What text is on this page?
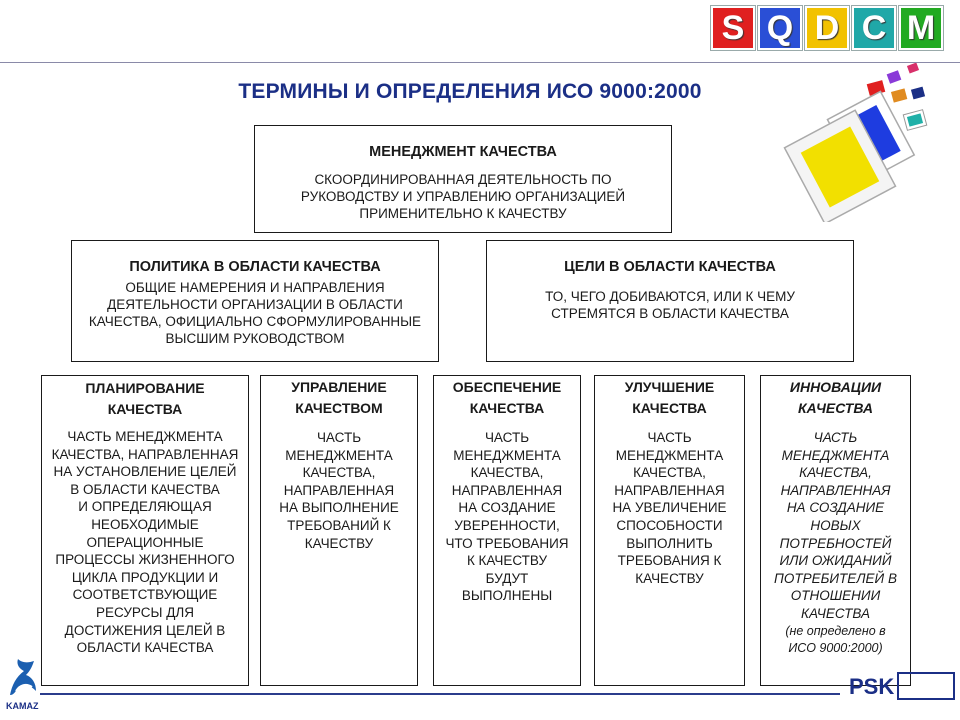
S Q D C M
ТЕРМИНЫ И ОПРЕДЕЛЕНИЯ ИСО 9000:2000
МЕНЕДЖМЕНТ КАЧЕСТВА
СКООРДИНИРОВАННАЯ ДЕЯТЕЛЬНОСТЬ ПО
РУКОВОДСТВУ И УПРАВЛЕНИЮ ОРГАНИЗАЦИЕЙ
ПРИМЕНИТЕЛЬНО К КАЧЕСТВУ
ПОЛИТИКА В ОБЛАСТИ КАЧЕСТВА
ОБЩИЕ НАМЕРЕНИЯ И НАПРАВЛЕНИЯ
ДЕЯТЕЛЬНОСТИ ОРГАНИЗАЦИИ В ОБЛАСТИ
КАЧЕСТВА, ОФИЦИАЛЬНО СФОРМУЛИРОВАННЫЕ
ВЫСШИМ РУКОВОДСТВОМ
ЦЕЛИ В ОБЛАСТИ КАЧЕСТВА
ТО, ЧЕГО ДОБИВАЮТСЯ, ИЛИ К ЧЕМУ
СТРЕМЯТСЯ В ОБЛАСТИ КАЧЕСТВА
ПЛАНИРОВАНИЕ
КАЧЕСТВА
ЧАСТЬ МЕНЕДЖМЕНТА
КАЧЕСТВА, НАПРАВЛЕННАЯ
НА УСТАНОВЛЕНИЕ ЦЕЛЕЙ
В ОБЛАСТИ КАЧЕСТВА
И ОПРЕДЕЛЯЮЩАЯ
НЕОБХОДИМЫЕ
ОПЕРАЦИОННЫЕ
ПРОЦЕССЫ ЖИЗНЕННОГО
ЦИКЛА ПРОДУКЦИИ И
СООТВЕТСТВУЮЩИЕ
РЕСУРСЫ ДЛЯ
ДОСТИЖЕНИЯ ЦЕЛЕЙ В
ОБЛАСТИ КАЧЕСТВА
УПРАВЛЕНИЕ
КАЧЕСТВОМ
ЧАСТЬ
МЕНЕДЖМЕНТА
КАЧЕСТВА,
НАПРАВЛЕННАЯ
НА ВЫПОЛНЕНИЕ
ТРЕБОВАНИЙ К
КАЧЕСТВУ
ОБЕСПЕЧЕНИЕ
КАЧЕСТВА
ЧАСТЬ
МЕНЕДЖМЕНТА
КАЧЕСТВА,
НАПРАВЛЕННАЯ
НА СОЗДАНИЕ
УВЕРЕННОСТИ,
ЧТО ТРЕБОВАНИЯ
К КАЧЕСТВУ
БУДУТ
ВЫПОЛНЕНЫ
УЛУЧШЕНИЕ
КАЧЕСТВА
ЧАСТЬ
МЕНЕДЖМЕНТА
КАЧЕСТВА,
НАПРАВЛЕННАЯ
НА УВЕЛИЧЕНИЕ
СПОСОБНОСТИ
ВЫПОЛНИТЬ
ТРЕБОВАНИЯ К
КАЧЕСТВУ
ИННОВАЦИИ
КАЧЕСТВА
ЧАСТЬ
МЕНЕДЖМЕНТА
КАЧЕСТВА,
НАПРАВЛЕННАЯ
НА СОЗДАНИЕ
НОВЫХ
ПОТРЕБНОСТЕЙ
ИЛИ ОЖИДАНИЙ
ПОТРЕБИТЕЛЕЙ В
ОТНОШЕНИИ
КАЧЕСТВА
(не определено в
ИСО 9000:2000)
KAMAZ
PSK
